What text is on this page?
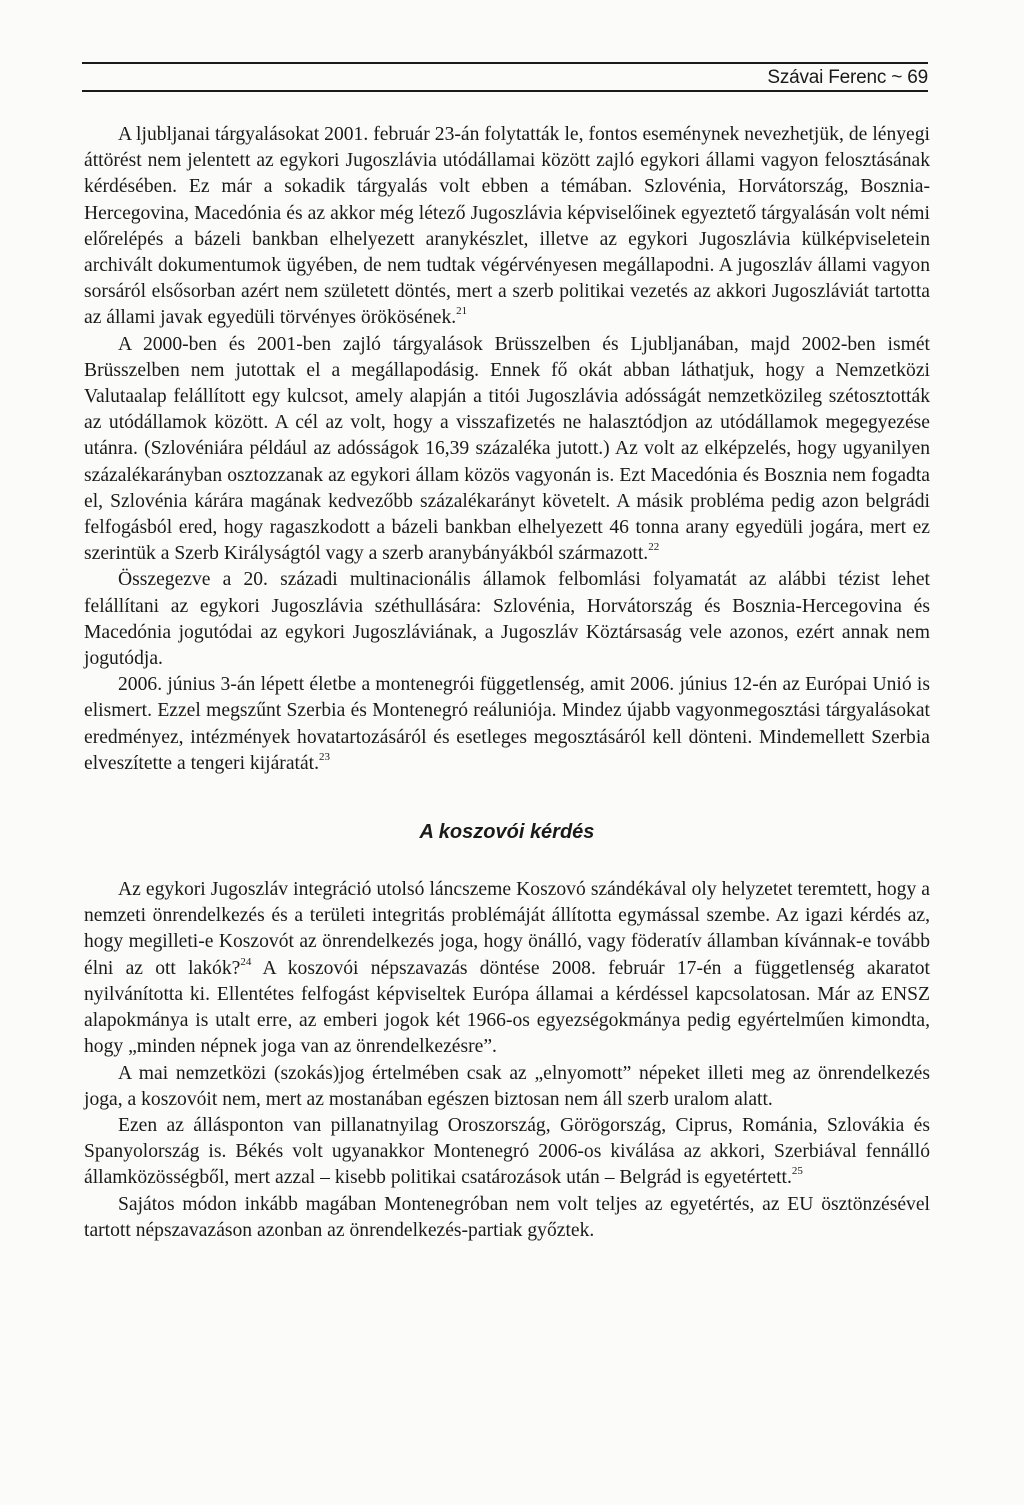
Szávai Ferenc ~ 69

A ljubljanai tárgyalásokat 2001. február 23-án folytatták le, fontos eseménynek nevezhetjük, de lényegi áttörést nem jelentett az egykori Jugoszlávia utódállamai között zajló egykori állami vagyon felosztásának kérdésében. Ez már a sokadik tárgyalás volt ebben a témában. Szlovénia, Horvátország, Bosznia-Hercegovina, Macedónia és az akkor még létező Jugoszlávia képviselőinek egyeztető tárgyalásán volt némi előrelépés a bázeli bankban elhelyezett aranykészlet, illetve az egykori Jugoszlávia külképviseletein archivált dokumentumok ügyében, de nem tudtak végérvényesen megállapodni. A jugoszláv állami vagyon sorsáról elsősorban azért nem született döntés, mert a szerb politikai vezetés az akkori Jugoszláviát tartotta az állami javak egyedüli törvényes örökösének.$^{21}$

A 2000-ben és 2001-ben zajló tárgyalások Brüsszelben és Ljubljanában, majd 2002-ben ismét Brüsszelben nem jutottak el a megállapodásig. Ennek fő okát abban láthatjuk, hogy a Nemzetközi Valutaalap felállított egy kulcsot, amely alapján a titói Jugoszlávia adósságát nemzetközileg szétosztották az utódállamok között. A cél az volt, hogy a visszafizetés ne halasztódjon az utódállamok megegyezése utánra. (Szlovéniára például az adósságok 16,39 százaléka jutott.) Az volt az elképzelés, hogy ugyanilyen százalékarányban osztozzanak az egykori állam közös vagyonán is. Ezt Macedónia és Bosznia nem fogadta el, Szlovénia kárára magának kedvezőbb százalékarányt követelt. A másik probléma pedig azon belgrádi felfogásból ered, hogy ragaszkodott a bázeli bankban elhelyezett 46 tonna arany egyedüli jogára, mert ez szerintük a Szerb Királyságtól vagy a szerb aranybányákból származott.$^{22}$

Összegezve a 20. századi multinacionális államok felbomlási folyamatát az alábbi tézist lehet felállítani az egykori Jugoszlávia széthullására: Szlovénia, Horvátország és Bosznia-Hercegovina és Macedónia jogutódai az egykori Jugoszláviának, a Jugoszláv Köztársaság vele azonos, ezért annak nem jogutódja.

2006. június 3-án lépett életbe a montenegrói függetlenség, amit 2006. június 12-én az Európai Unió is elismert. Ezzel megszűnt Szerbia és Montenegró reáluniója. Mindez újabb vagyonmegosztási tárgyalásokat eredményez, intézmények hovatartozásáról és esetleges megosztásáról kell dönteni. Mindemellett Szerbia elveszítette a tengeri kijáratát.$^{23}$

A koszovói kérdés

Az egykori Jugoszláv integráció utolsó láncszeme Koszovó szándékával oly helyzetet teremtett, hogy a nemzeti önrendelkezés és a területi integritás problémáját állította egymással szembe. Az igazi kérdés az, hogy megilleti-e Koszovót az önrendelkezés joga, hogy önálló, vagy föderatív államban kívánnak-e tovább élni az ott lakók?$^{24}$ A koszovói népszavazás döntése 2008. február 17-én a függetlenség akaratot nyilvánította ki. Ellentétes felfogást képviseltek Európa államai a kérdéssel kapcsolatosan. Már az ENSZ alapokmánya is utalt erre, az emberi jogok két 1966-os egyezségokmánya pedig egyértelműen kimondta, hogy „minden népnek joga van az önrendelkezésre”.

A mai nemzetközi (szokás)jog értelmében csak az „elnyomott” népeket illeti meg az önrendelkezés joga, a koszovóit nem, mert az mostanában egészen biztosan nem áll szerb uralom alatt.

Ezen az állásponton van pillanatnyilag Oroszország, Görögország, Ciprus, Románia, Szlovákia és Spanyolország is. Békés volt ugyanakkor Montenegró 2006-os kiválása az akkori, Szerbiával fennálló államközösségből, mert azzal – kisebb politikai csatározások után – Belgrád is egyetértett.$^{25}$

Sajátos módon inkább magában Montenegróban nem volt teljes az egyetértés, az EU ösztönzésével tartott népszavazáson azonban az önrendelkezés-partiak győztek.
